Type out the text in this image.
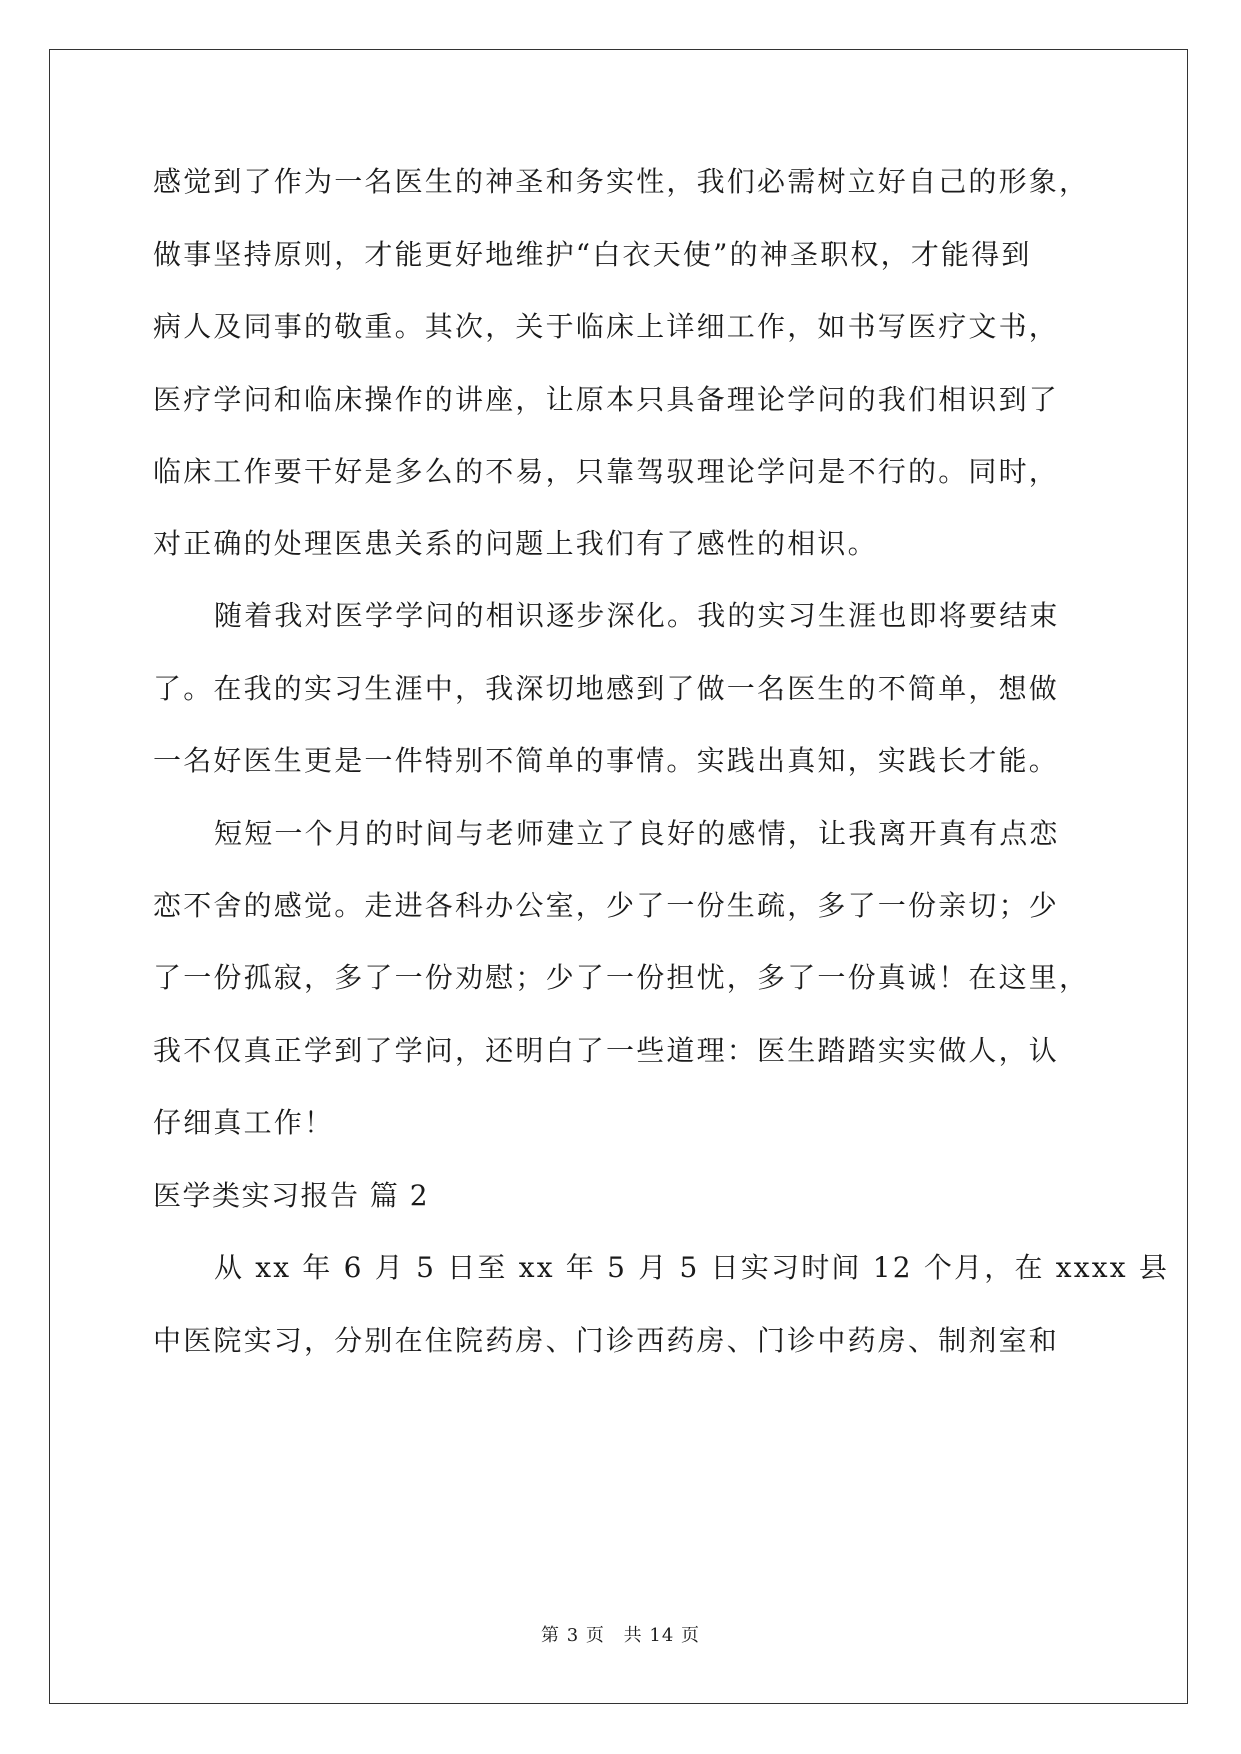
感觉到了作为一名医生的神圣和务实性，我们必需树立好自己的形象，
做事坚持原则，才能更好地维护“白衣天使”的神圣职权，才能得到
病人及同事的敬重。其次，关于临床上详细工作，如书写医疗文书，
医疗学问和临床操作的讲座，让原本只具备理论学问的我们相识到了
临床工作要干好是多么的不易，只靠驾驭理论学问是不行的。同时，
对正确的处理医患关系的问题上我们有了感性的相识。
随着我对医学学问的相识逐步深化。我的实习生涯也即将要结束
了。在我的实习生涯中，我深切地感到了做一名医生的不简单，想做
一名好医生更是一件特别不简单的事情。实践出真知，实践长才能。
短短一个月的时间与老师建立了良好的感情，让我离开真有点恋
恋不舍的感觉。走进各科办公室，少了一份生疏，多了一份亲切；少
了一份孤寂，多了一份劝慰；少了一份担忧，多了一份真诚！在这里，
我不仅真正学到了学问，还明白了一些道理：医生踏踏实实做人，认
仔细真工作！
医学类实习报告 篇 2
从 xx 年 6 月 5 日至 xx 年 5 月 5 日实习时间 12 个月，在 xxxx 县
中医院实习，分别在住院药房、门诊西药房、门诊中药房、制剂室和
第 3 页 共 14 页
